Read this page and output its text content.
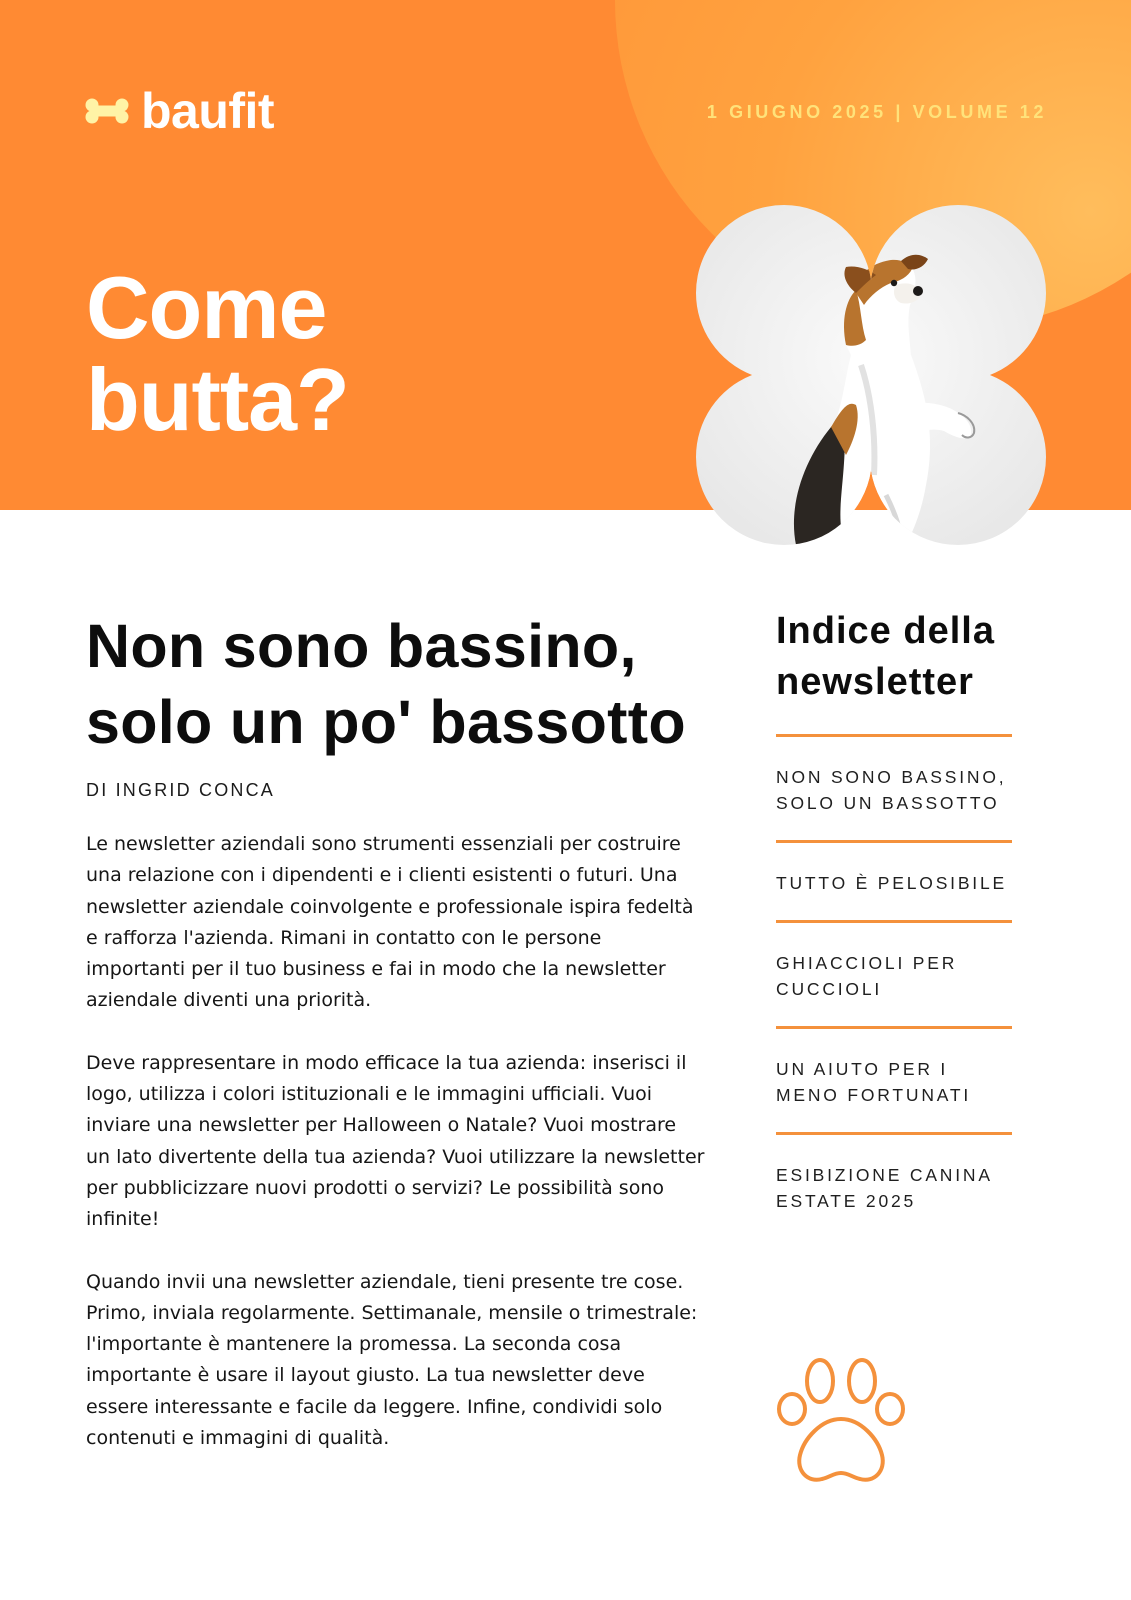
baufit	1 GIUGNO 2025 | VOLUME 12
Come butta?
Non sono bassino, solo un po' bassotto
DI INGRID CONCA

Le newsletter aziendali sono strumenti essenziali per costruire una relazione con i dipendenti e i clienti esistenti o futuri. Una newsletter aziendale coinvolgente e professionale ispira fedeltà e rafforza l'azienda. Rimani in contatto con le persone importanti per il tuo business e fai in modo che la newsletter aziendale diventi una priorità.

Deve rappresentare in modo efficace la tua azienda: inserisci il logo, utilizza i colori istituzionali e le immagini ufficiali. Vuoi inviare una newsletter per Halloween o Natale? Vuoi mostrare un lato divertente della tua azienda? Vuoi utilizzare la newsletter per pubblicizzare nuovi prodotti o servizi? Le possibilità sono infinite!

Quando invii una newsletter aziendale, tieni presente tre cose. Primo, inviala regolarmente. Settimanale, mensile o trimestrale: l'importante è mantenere la promessa. La seconda cosa importante è usare il layout giusto. La tua newsletter deve essere interessante e facile da leggere. Infine, condividi solo contenuti e immagini di qualità.

Indice della newsletter
NON SONO BASSINO, SOLO UN BASSOTTO
TUTTO È PELOSIBILE
GHIACCIOLI PER CUCCIOLI
UN AIUTO PER I MENO FORTUNATI
ESIBIZIONE CANINA ESTATE 2025
